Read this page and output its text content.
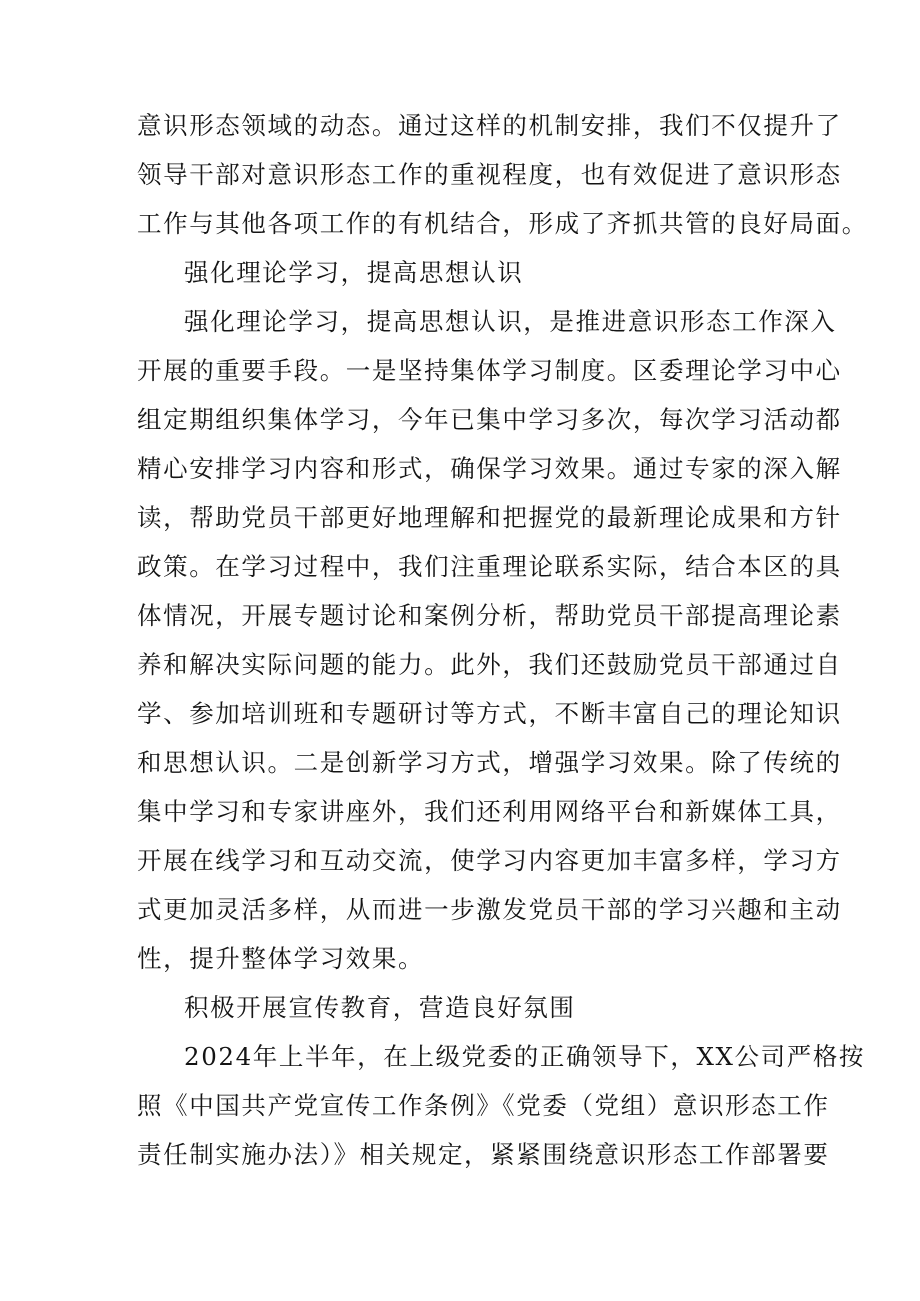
意识形态领域的动态。通过这样的机制安排，我们不仅提升了
领导干部对意识形态工作的重视程度，也有效促进了意识形态
工作与其他各项工作的有机结合，形成了齐抓共管的良好局面。
强化理论学习，提高思想认识
强化理论学习，提高思想认识，是推进意识形态工作深入
开展的重要手段。一是坚持集体学习制度。区委理论学习中心
组定期组织集体学习，今年已集中学习多次，每次学习活动都
精心安排学习内容和形式，确保学习效果。通过专家的深入解
读，帮助党员干部更好地理解和把握党的最新理论成果和方针
政策。在学习过程中，我们注重理论联系实际，结合本区的具
体情况，开展专题讨论和案例分析，帮助党员干部提高理论素
养和解决实际问题的能力。此外，我们还鼓励党员干部通过自
学、参加培训班和专题研讨等方式，不断丰富自己的理论知识
和思想认识。二是创新学习方式，增强学习效果。除了传统的
集中学习和专家讲座外，我们还利用网络平台和新媒体工具，
开展在线学习和互动交流，使学习内容更加丰富多样，学习方
式更加灵活多样，从而进一步激发党员干部的学习兴趣和主动
性，提升整体学习效果。
积极开展宣传教育，营造良好氛围
2024年上半年，在上级党委的正确领导下，XX公司严格按
照《中国共产党宣传工作条例》《党委（党组）意识形态工作
责任制实施办法）》相关规定，紧紧围绕意识形态工作部署要
